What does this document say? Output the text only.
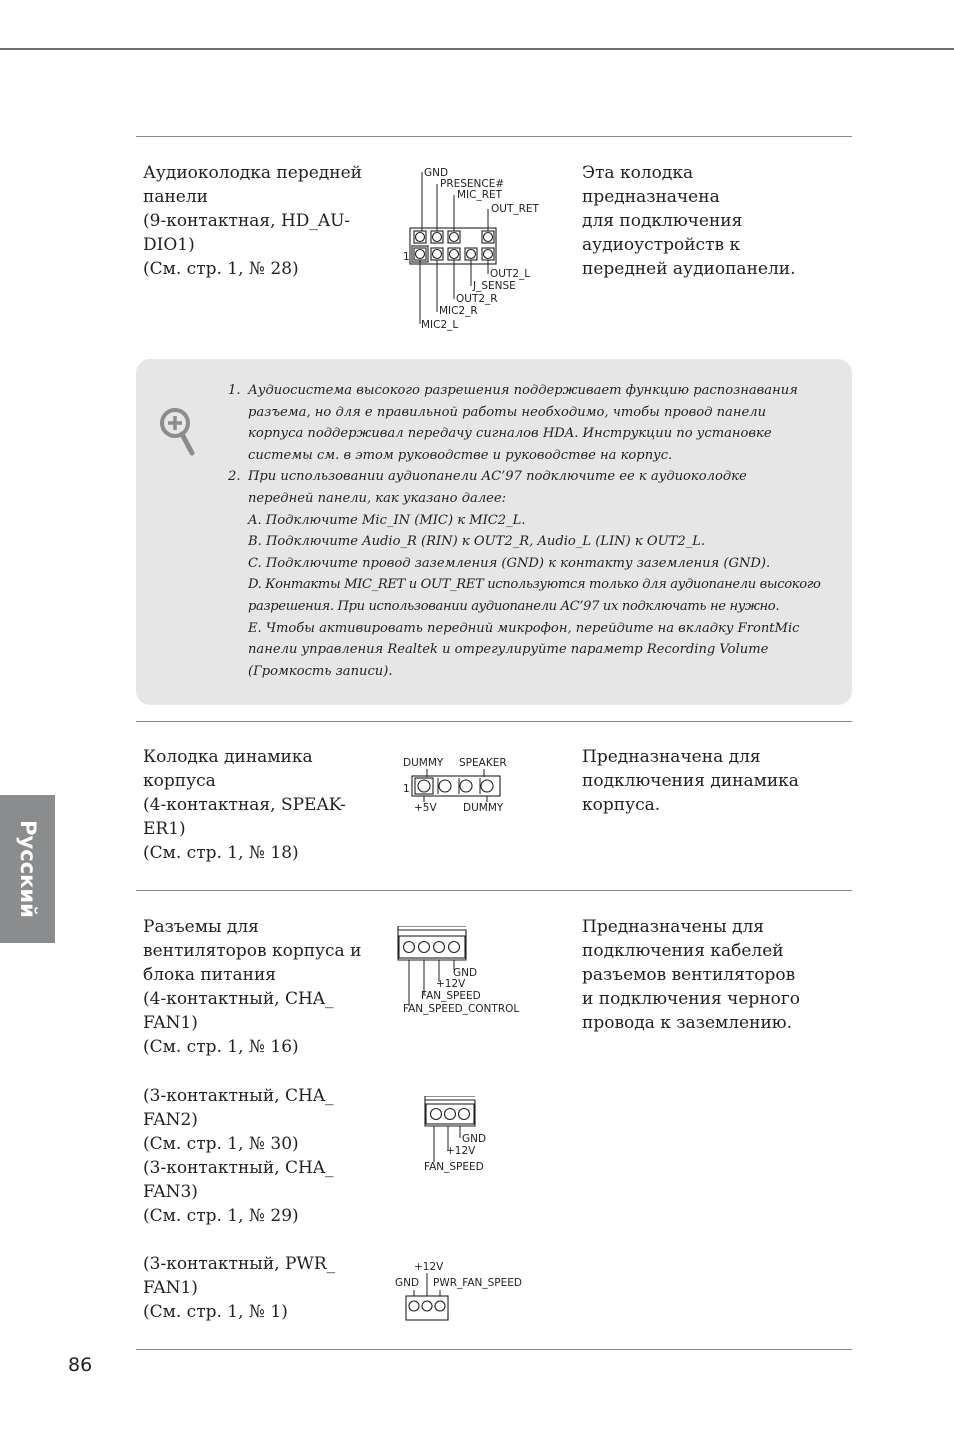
Аудиоколодка передней
панели
(9-контактная, HD_AU-
DIO1)
(См. стр. 1, № 28)
GND
PRESENCE#
MIC_RET
OUT_RET
1
OUT2_L
J_SENSE
OUT2_R
MIC2_R
MIC2_L
Эта колодка
предназначена
для подключения
аудиоустройств к
передней аудиопанели.
1. Аудиосистема высокого разрешения поддерживает функцию распознавания
разъема, но для е правильной работы необходимо, чтобы провод панели
корпуса поддерживал передачу сигналов HDA. Инструкции по установке
системы см. в этом руководстве и руководстве на корпус.
2. При использовании аудиопанели AC’97 подключите ее к аудиоколодке
передней панели, как указано далее:
A. Подключите Mic_IN (MIC) к MIC2_L.
B. Подключите Audio_R (RIN) к OUT2_R, Audio_L (LIN) к OUT2_L.
C. Подключите провод заземления (GND) к контакту заземления (GND).
D. Контакты MIC_RET и OUT_RET используются только для аудиопанели высокого
разрешения. При использовании аудиопанели AC’97 их подключать не нужно.
E. Чтобы активировать передний микрофон, перейдите на вкладку FrontMic
панели управления Realtek и отрегулируйте параметр Recording Volume
(Громкость записи).
Колодка динамика
корпуса
(4-контактная, SPEAK-
ER1)
(См. стр. 1, № 18)
DUMMY SPEAKER
1
+5V	DUMMY
Предназначена для
подключения динамика
корпуса.
Разъемы для
вентиляторов корпуса и
блока питания
(4-контактный, CHA_
FAN1)
(См. стр. 1, № 16)
GND
+12V
FAN_SPEED
FAN_SPEED_CONTROL
Предназначены для
подключения кабелей
разъемов вентиляторов
и подключения черного
провода к заземлению.
(3-контактный, CHA_
FAN2)
(См. стр. 1, № 30)
(3-контактный, CHA_
FAN3)
(См. стр. 1, № 29)
GND
+12V
FAN_SPEED
(3-контактный, PWR_
FAN1)
(См. стр. 1, № 1)
+12V
GND PWR_FAN_SPEED
Русский
86
